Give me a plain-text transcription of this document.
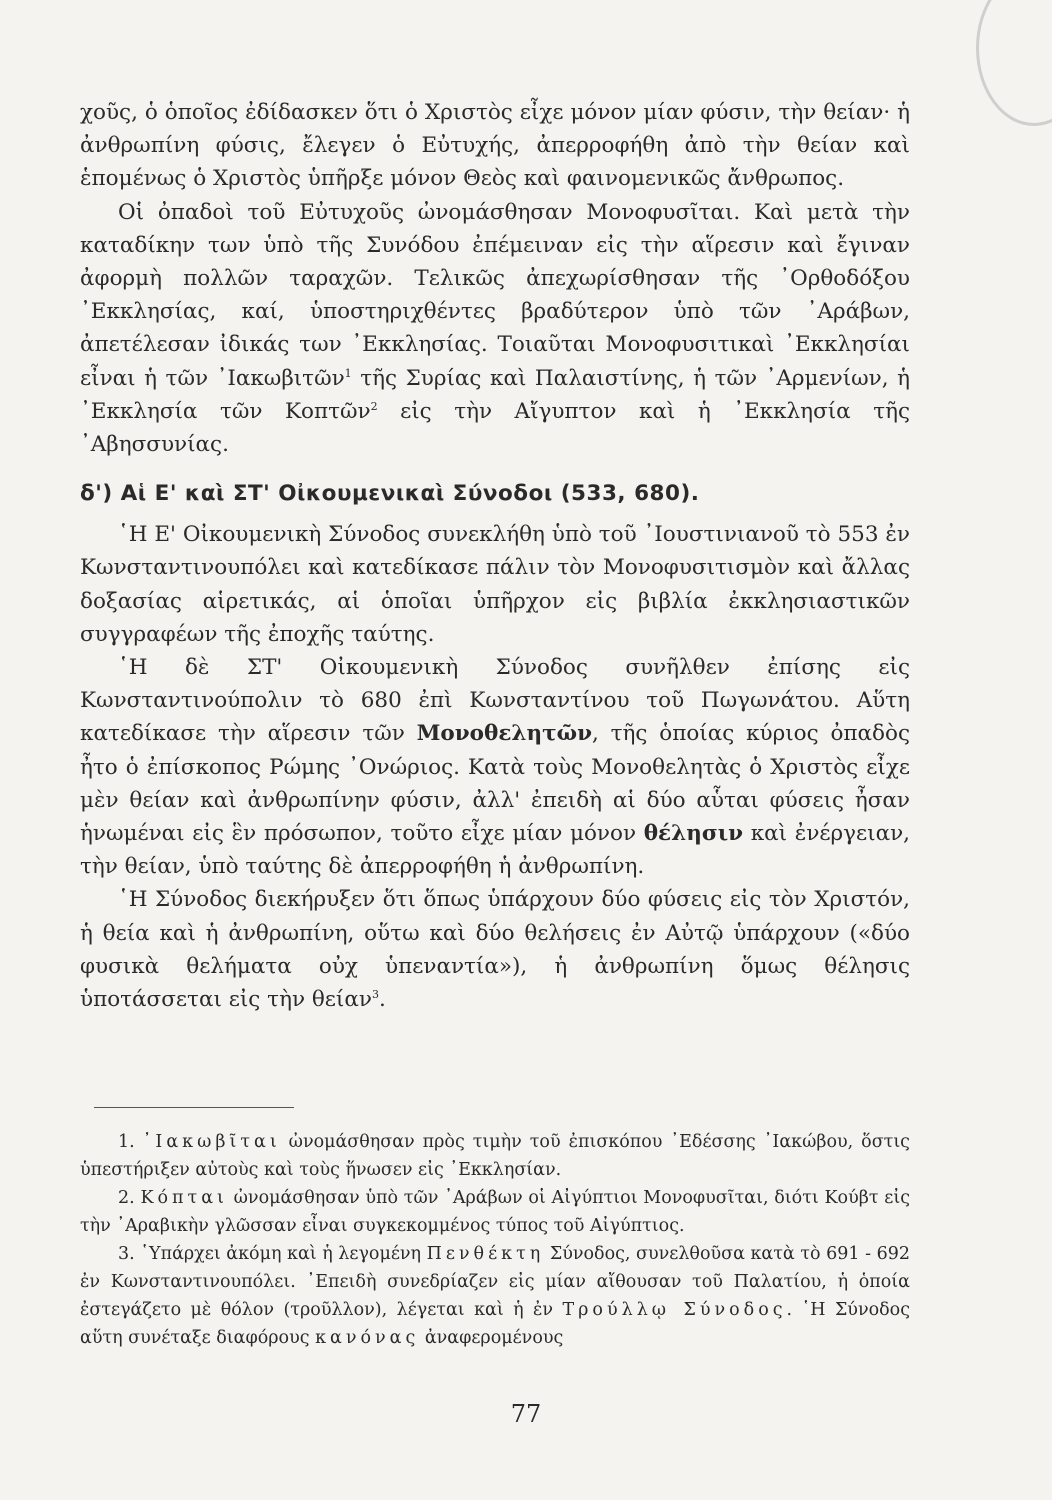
χοῦς, ὁ ὁποῖος ἐδίδασκεν ὅτι ὁ Χριστὸς εἶχε μόνον μίαν φύσιν, τὴν θείαν· ἡ ἀνθρωπίνη φύσις, ἔλεγεν ὁ Εὐτυχής, ἀπερροφήθη ἀπὸ τὴν θείαν καὶ ἑπομένως ὁ Χριστὸς ὑπῆρξε μόνον Θεὸς καὶ φαινομενικῶς ἄνθρωπος.

Οἱ ὀπαδοὶ τοῦ Εὐτυχοῦς ὠνομάσθησαν Μονοφυσῖται. Καὶ μετὰ τὴν καταδίκην των ὑπὸ τῆς Συνόδου ἐπέμειναν εἰς τὴν αἵρεσιν καὶ ἔγιναν ἀφορμὴ πολλῶν ταραχῶν. Τελικῶς ἀπεχωρίσθησαν τῆς ᾿Ορθοδόξου ᾿Εκκλησίας, καί, ὑποστηριχθέντες βραδύτερον ὑπὸ τῶν ᾿Αράβων, ἀπετέλεσαν ἰδικάς των ᾿Εκκλησίας. Τοιαῦται Μονοφυσιτικαὶ ᾿Εκκλησίαι εἶναι ἡ τῶν ᾿Ιακωβιτῶν$^1$ τῆς Συρίας καὶ Παλαιστίνης, ἡ τῶν ᾿Αρμενίων, ἡ ᾿Εκκλησία τῶν Κοπτῶν$^2$ εἰς τὴν Αἴγυπτον καὶ ἡ ᾿Εκκλησία τῆς ᾿Αβησσυνίας.

δ') Αἱ Ε' καὶ ΣΤ' Οἰκουμενικαὶ Σύνοδοι (533, 680).

῾Η Ε' Οἰκουμενικὴ Σύνοδος συνεκλήθη ὑπὸ τοῦ ᾿Ιουστινιανοῦ τὸ 553 ἐν Κωνσταντινουπόλει καὶ κατεδίκασε πάλιν τὸν Μονοφυσιτισμὸν καὶ ἄλλας δοξασίας αἱρετικάς, αἱ ὁποῖαι ὑπῆρχον εἰς βιβλία ἐκκλησιαστικῶν συγγραφέων τῆς ἐποχῆς ταύτης.

῾Η δὲ ΣΤ' Οἰκουμενικὴ Σύνοδος συνῆλθεν ἐπίσης εἰς Κωνσταντινούπολιν τὸ 680 ἐπὶ Κωνσταντίνου τοῦ Πωγωνάτου. Αὕτη κατεδίκασε τὴν αἵρεσιν τῶν Μονοθελητῶν, τῆς ὁποίας κύριος ὀπαδὸς ἦτο ὁ ἐπίσκοπος Ρώμης ᾿Ονώριος. Κατὰ τοὺς Μονοθελητὰς ὁ Χριστὸς εἶχε μὲν θείαν καὶ ἀνθρωπίνην φύσιν, ἀλλ' ἐπειδὴ αἱ δύο αὗται φύσεις ἦσαν ἡνωμέναι εἰς ἓν πρόσωπον, τοῦτο εἶχε μίαν μόνον θέλησιν καὶ ἐνέργειαν, τὴν θείαν, ὑπὸ ταύτης δὲ ἀπερροφήθη ἡ ἀνθρωπίνη.

῾Η Σύνοδος διεκήρυξεν ὅτι ὅπως ὑπάρχουν δύο φύσεις εἰς τὸν Χριστόν, ἡ θεία καὶ ἡ ἀνθρωπίνη, οὕτω καὶ δύο θελήσεις ἐν Αὐτῷ ὑπάρχουν («δύο φυσικὰ θελήματα οὐχ ὑπεναντία»), ἡ ἀνθρωπίνη ὅμως θέλησις ὑποτάσσεται εἰς τὴν θείαν$^3$.

1. ᾿Ιακωβῖται ὠνομάσθησαν πρὸς τιμὴν τοῦ ἐπισκόπου ᾿Εδέσσης ᾿Ιακώβου, ὅστις ὑπεστήριξεν αὐτοὺς καὶ τοὺς ἥνωσεν εἰς ᾿Εκκλησίαν.

2. Κόπται ὠνομάσθησαν ὑπὸ τῶν ᾿Αράβων οἱ Αἰγύπτιοι Μονοφυσῖται, διότι Κούβτ εἰς τὴν ᾿Αραβικὴν γλῶσσαν εἶναι συγκεκομμένος τύπος τοῦ Αἰγύπτιος.

3. ῾Υπάρχει ἀκόμη καὶ ἡ λεγομένη Πενθέκτη Σύνοδος, συνελθοῦσα κατὰ τὸ 691 - 692 ἐν Κωνσταντινουπόλει. ᾿Επειδὴ συνεδρίαζεν εἰς μίαν αἴθουσαν τοῦ Παλατίου, ἡ ὁποία ἐστεγάζετο μὲ θόλον (τροῦλλον), λέγεται καὶ ἡ ἐν Τρούλλῳ Σύνοδος. ῾Η Σύνοδος αὕτη συνέταξε διαφόρους κανόνας ἀναφερομένους

77
